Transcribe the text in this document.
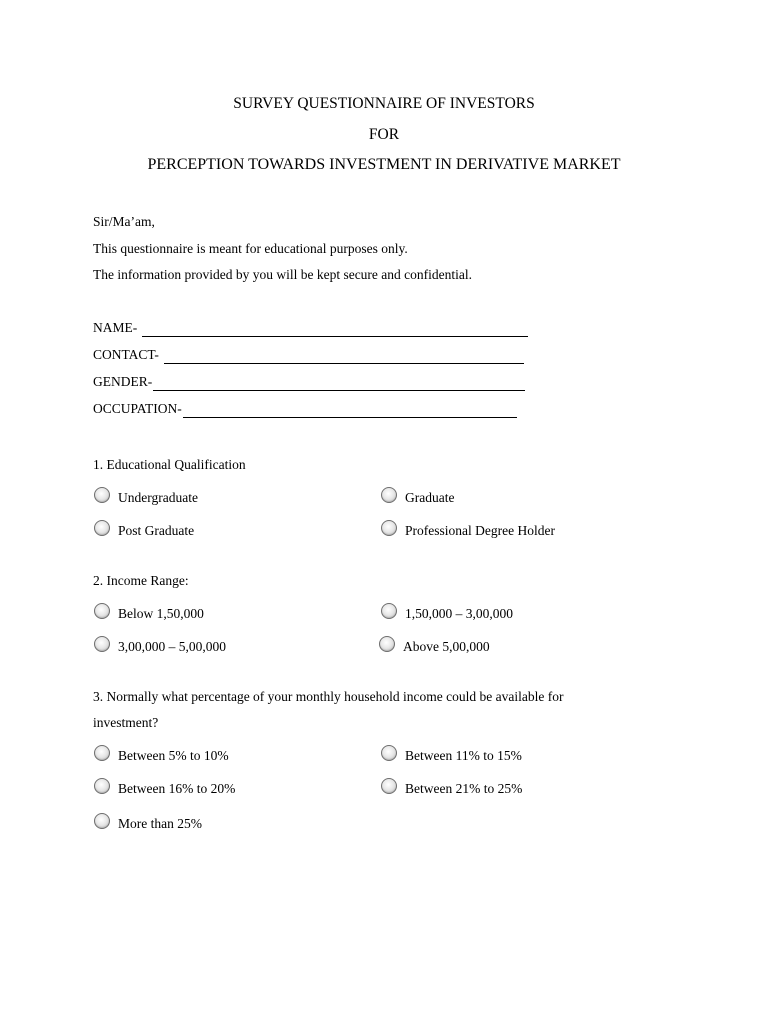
SURVEY QUESTIONNAIRE OF INVESTORS
FOR
PERCEPTION TOWARDS INVESTMENT IN DERIVATIVE MARKET
Sir/Ma’am,
This questionnaire is meant for educational purposes only.
The information provided by you will be kept secure and confidential.
NAME-
CONTACT-
GENDER-
OCCUPATION-
1. Educational Qualification
Undergraduate	Graduate
Post Graduate	Professional Degree Holder
2. Income Range:
Below 1,50,000	1,50,000 – 3,00,000
3,00,000 – 5,00,000	Above 5,00,000
3. Normally what percentage of your monthly household income could be available for
investment?
Between 5% to 10%	Between 11% to 15%
Between 16% to 20%	Between 21% to 25%
More than 25%
